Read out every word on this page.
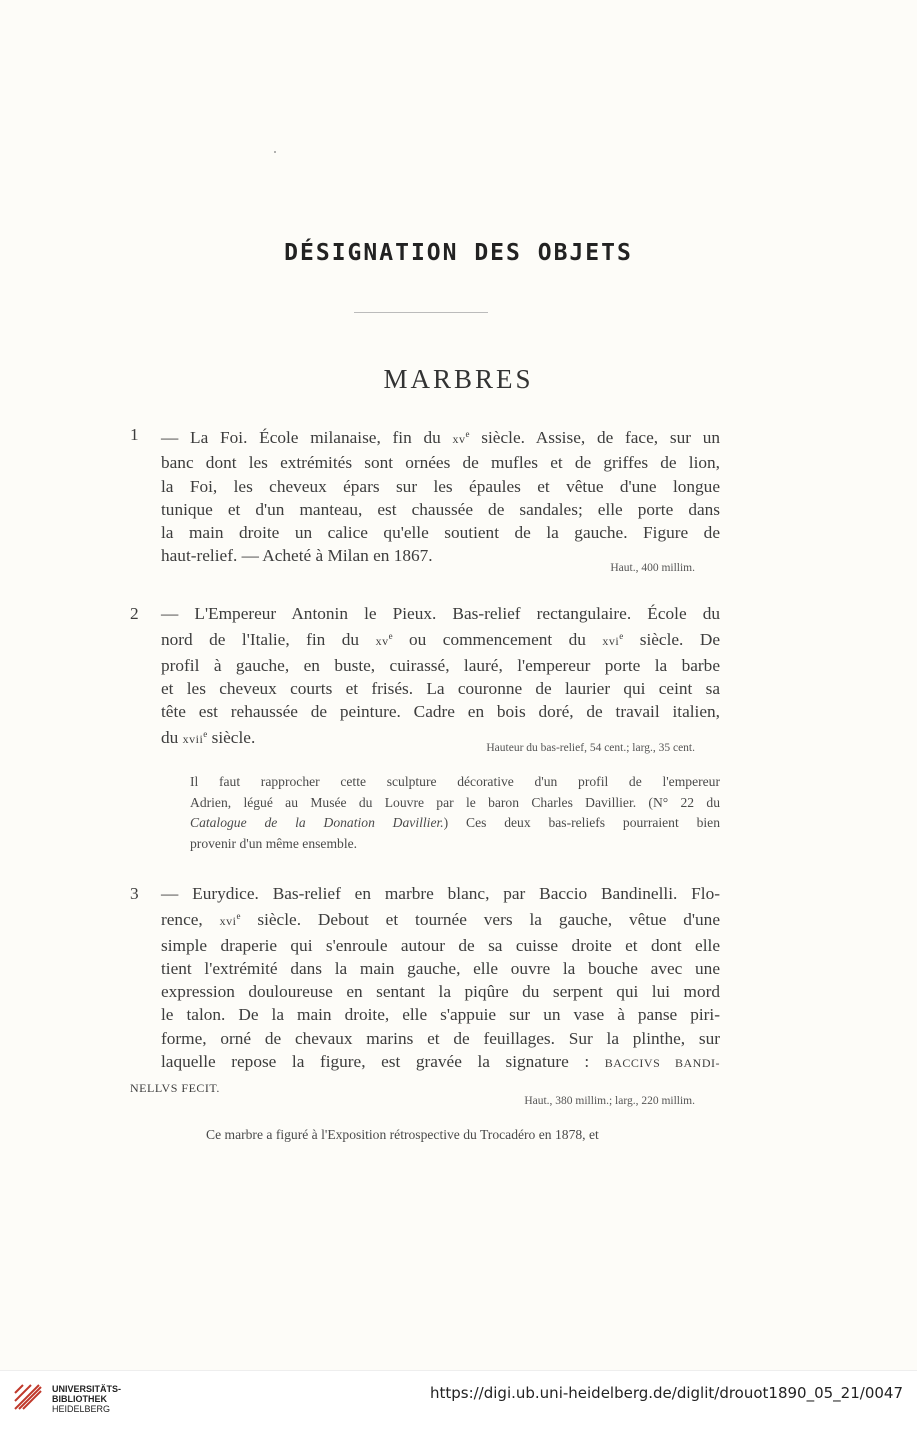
DÉSIGNATION DES OBJETS
MARBRES
1 — La Foi. École milanaise, fin du $xv^e$ siècle. Assise, de face, sur un
banc dont les extrémités sont ornées de mufles et de griffes de lion,
la Foi, les cheveux épars sur les épaules et vêtue d'une longue
tunique et d'un manteau, est chaussée de sandales; elle porte dans
la main droite un calice qu'elle soutient de la gauche. Figure de
haut-relief. — Acheté à Milan en 1867.
Haut., 400 millim.
2 — L'Empereur Antonin le Pieux. Bas-relief rectangulaire. École du
nord de l'Italie, fin du $xv^e$ ou commencement du xvi$^e$ siècle. De
profil à gauche, en buste, cuirassé, lauré, l'empereur porte la barbe
et les cheveux courts et frisés. La couronne de laurier qui ceint sa
tête est rehaussée de peinture. Cadre en bois doré, de travail italien,
du xvii$^e$ siècle.
Hauteur du bas-relief, 54 cent.; larg., 35 cent.
Il faut rapprocher cette sculpture décorative d'un profil de l'empereur
Adrien, légué au Musée du Louvre par le baron Charles Davillier. (N° 22 du
Catalogue de la Donation Davillier.) Ces deux bas-reliefs pourraient bien
provenir d'un même ensemble.
3 — Eurydice. Bas-relief en marbre blanc, par Baccio Bandinelli. Flo-
rence, xvi$^e$ siècle. Debout et tournée vers la gauche, vêtue d'une
simple draperie qui s'enroule autour de sa cuisse droite et dont elle
tient l'extrémité dans la main gauche, elle ouvre la bouche avec une
expression douloureuse en sentant la piqûre du serpent qui lui mord
le talon. De la main droite, elle s'appuie sur un vase à panse piri-
forme, orné de chevaux marins et de feuillages. Sur la plinthe, sur
laquelle repose la figure, est gravée la signature : BACCIVS BANDI-
NELLVS FECIT.
Haut., 380 millim.; larg., 220 millim.
Ce marbre a figuré à l'Exposition rétrospective du Trocadéro en 1878, et
UNIVERSITÄTS-
BIBLIOTHEK
HEIDELBERG
https://digi.ub.uni-heidelberg.de/diglit/drouot1890_05_21/0047
